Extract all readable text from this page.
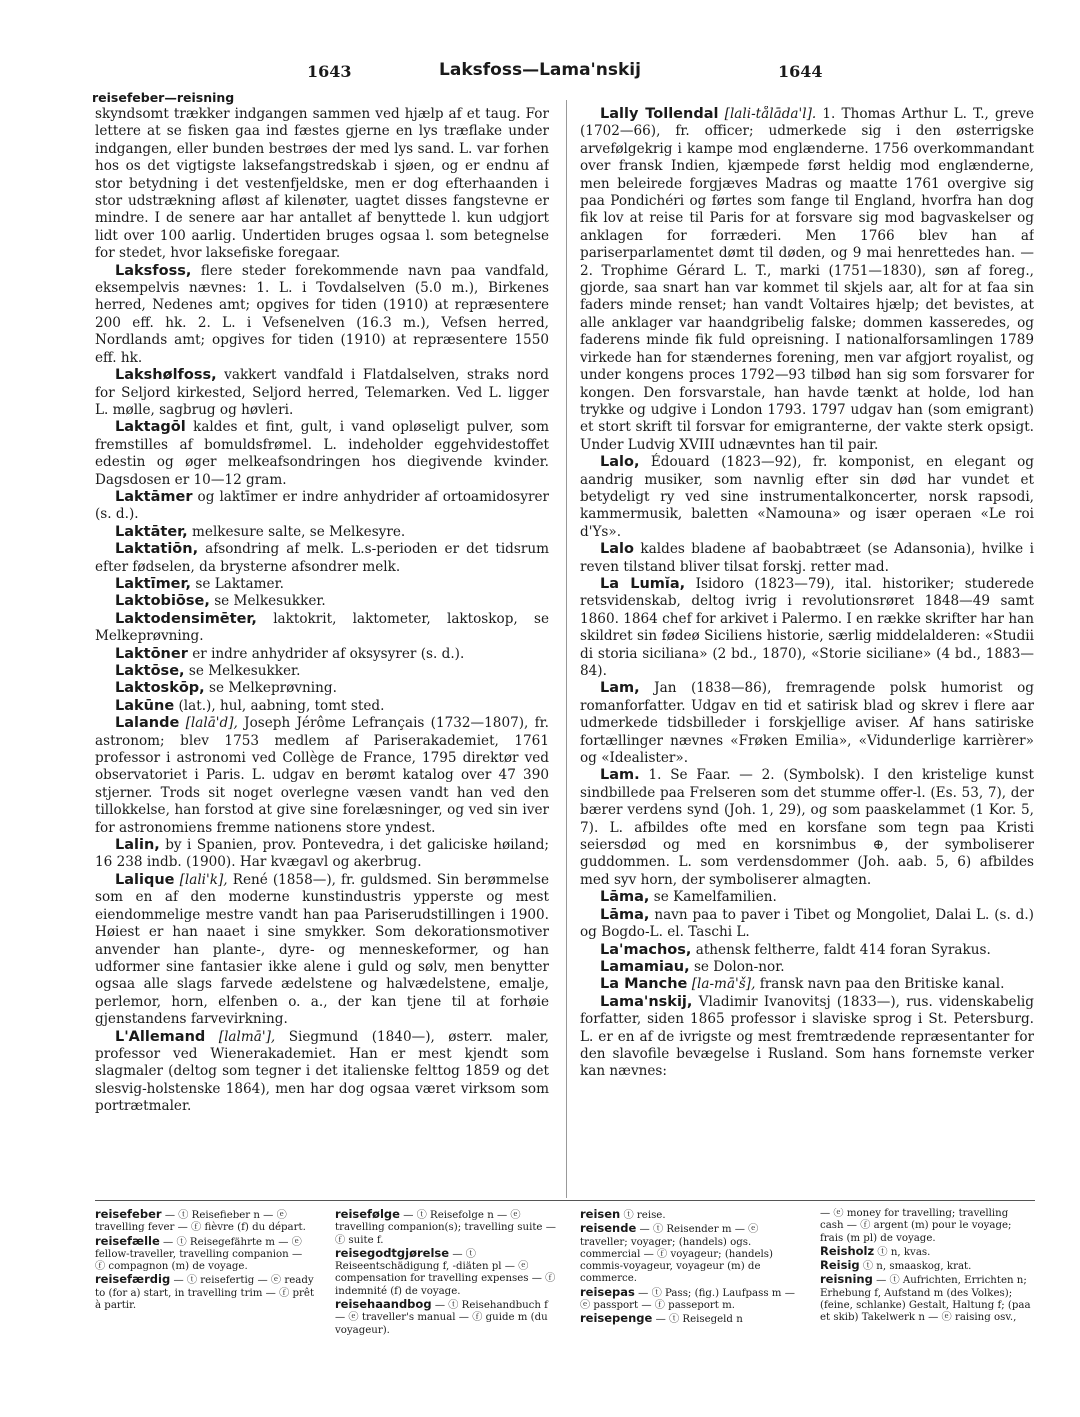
1643	Laksfoss—Lama'nskij	1644
reisefeber—reisning

skyndsomt trækker indgangen sammen ved hjælp af et taug. For lettere at se fisken gaa ind fæstes gjerne en lys træflake under indgangen, eller bunden bestrøes der med lys sand. L. var forhen hos os det vigtigste laksefangstredskab i sjøen, og er endnu af stor betydning i det vestenfjeldske, men er dog efterhaanden i stor udstrækning afløst af kilenøter, uagtet disses fangstevne er mindre. I de senere aar har antallet af benyttede l. kun udgjort lidt over 100 aarlig. Undertiden bruges ogsaa l. som betegnelse for stedet, hvor laksefiske foregaar.

Laksfoss, flere steder forekommende navn paa vandfald, eksempelvis nævnes: 1. L. i Tovdalselven (5.0 m.), Birkenes herred, Nedenes amt; opgives for tiden (1910) at repræsentere 200 eff. hk. 2. L. i Vefsenelven (16.3 m.), Vefsen herred, Nordlands amt; opgives for tiden (1910) at repræsentere 1550 eff. hk.

Lakshølfoss, vakkert vandfald i Flatdalselven, straks nord for Seljord kirkested, Seljord herred, Telemarken. Ved L. ligger L. mølle, sagbrug og høvleri.

Laktagōl kaldes et fint, gult, i vand opløseligt pulver, som fremstilles af bomuldsfrømel. L. indeholder eggehvidestoffet edestin og øger melkeafsondringen hos diegivende kvinder. Dagsdosen er 10—12 gram.

Laktāmer og laktīmer er indre anhydrider af ortoamidosyrer (s. d.).

Laktāter, melkesure salte, se Melkesyre.

Laktatiōn, afsondring af melk. L.s-perioden er det tidsrum efter fødselen, da brysterne afsondrer melk.

Laktīmer, se Laktamer.

Laktobiōse, se Melkesukker.

Laktodensimēter, laktokrit, laktometer, laktoskop, se Melkeprøvning.

Laktōner er indre anhydrider af oksysyrer (s. d.).

Laktōse, se Melkesukker.

Laktoskōp, se Melkeprøvning.

Lakūne (lat.), hul, aabning, tomt sted.

Lalande [lalā'd], Joseph Jérôme Lefrançais (1732—1807), fr. astronom; blev 1753 medlem af Pariserakademiet, 1761 professor i astronomi ved Collège de France, 1795 direktør ved observatoriet i Paris. L. udgav en berømt katalog over 47 390 stjerner. Trods sit noget overlegne væsen vandt han ved den tillokkelse, han forstod at give sine forelæsninger, og ved sin iver for astronomiens fremme nationens store yndest.

Lalin, by i Spanien, prov. Pontevedra, i det galiciske høiland; 16 238 indb. (1900). Har kvægavl og akerbrug.

Lalique [lali'k], René (1858—), fr. guldsmed. Sin berømmelse som en af den moderne kunstindustris ypperste og mest eiendommelige mestre vandt han paa Pariserudstillingen i 1900. Høiest er han naaet i sine smykker. Som dekorationsmotiver anvender han plante-, dyre- og menneskeformer, og han udformer sine fantasier ikke alene i guld og sølv, men benytter ogsaa alle slags farvede ædelstene og halvædelstene, emalje, perlemor, horn, elfenben o. a., der kan tjene til at forhøie gjenstandens farvevirkning.

L'Allemand [lalmā'], Siegmund (1840—), østerr. maler, professor ved Wienerakademiet. Han er mest kjendt som slagmaler (deltog som tegner i det italienske felttog 1859 og det slesvig-holstenske 1864), men har dog ogsaa været virksom som portrætmaler.

Lally Tollendal [lali-tålāda'l]. 1. Thomas Arthur L. T., greve (1702—66), fr. officer; udmerkede sig i den østerrigske arvefølgekrig i kampe mod englænderne. 1756 overkommandant over fransk Indien, kjæmpede først heldig mod englænderne, men beleirede forgjæves Madras og maatte 1761 overgive sig paa Pondichéri og førtes som fange til England, hvorfra han dog fik lov at reise til Paris for at forsvare sig mod bagvaskelser og anklagen for forræderi. Men 1766 blev han af pariserparlamentet dømt til døden, og 9 mai henrettedes han. — 2. Trophime Gérard L. T., marki (1751—1830), søn af foreg., gjorde, saa snart han var kommet til skjels aar, alt for at faa sin faders minde renset; han vandt Voltaires hjælp; det bevistes, at alle anklager var haandgribelig falske; dommen kasseredes, og faderens minde fik fuld opreisning. I nationalforsamlingen 1789 virkede han for stændernes forening, men var afgjort royalist, og under kongens proces 1792—93 tilbød han sig som forsvarer for kongen. Den forsvarstale, han havde tænkt at holde, lod han trykke og udgive i London 1793. 1797 udgav han (som emigrant) et stort skrift til forsvar for emigranterne, der vakte sterk opsigt. Under Ludvig XVIII udnævntes han til pair.

Lalo, Édouard (1823—92), fr. komponist, en elegant og aandrig musiker, som navnlig efter sin død har vundet et betydeligt ry ved sine instrumentalkoncerter, norsk rapsodi, kammermusik, baletten «Namouna» og især operaen «Le roi d'Ys».

Lalo kaldes bladene af baobabtræet (se Adansonia), hvilke i reven tilstand bliver tilsat forskj. retter mad.

La Lumĭa, Isidoro (1823—79), ital. historiker; studerede retsvidenskab, deltog ivrig i revolutionsrøret 1848—49 samt 1860. 1864 chef for arkivet i Palermo. I en række skrifter har han skildret sin fødeø Siciliens historie, særlig middelalderen: «Studii di storia siciliana» (2 bd., 1870), «Storie siciliane» (4 bd., 1883—84).

Lam, Jan (1838—86), fremragende polsk humorist og romanforfatter. Udgav en tid et satirisk blad og skrev i flere aar udmerkede tidsbilleder i forskjellige aviser. Af hans satiriske fortællinger nævnes «Frøken Emilia», «Vidunderlige karrièrer» og «Idealister».

Lam. 1. Se Faar. — 2. (Symbolsk). I den kristelige kunst sindbillede paa Frelseren som det stumme offer-l. (Es. 53, 7), der bærer verdens synd (Joh. 1, 29), og som paaskelammet (1 Kor. 5, 7). L. afbildes ofte med en korsfane som tegn paa Kristi seiersdød og med en korsnimbus ⊕, der symboliserer guddommen. L. som verdensdommer (Joh. aab. 5, 6) afbildes med syv horn, der symboliserer almagten.

Lāma, se Kamelfamilien.

Lāma, navn paa to paver i Tibet og Mongoliet, Dalai L. (s. d.) og Bogdo-L. el. Taschi L.

La'machos, athensk feltherre, faldt 414 foran Syrakus.

Lamamiau, se Dolon-nor.

La Manche [la-mā'š], fransk navn paa den Britiske kanal.

Lama'nskij, Vladimir Ivanovitsj (1833—), rus. videnskabelig forfatter, siden 1865 professor i slaviske sprog i St. Petersburg. L. er en af de ivrigste og mest fremtrædende repræsentanter for den slavofile bevægelse i Rusland. Som hans fornemste verker kan nævnes:

reisefeber — ⓣ Reisefieber n — ⓔ travelling fever — ⓕ fièvre (f) du départ.

reisefælle — ⓣ Reisegefährte m — ⓔ fellow-traveller, travelling companion — ⓕ compagnon (m) de voyage.

reisefærdig — ⓣ reisefertig — ⓔ ready to (for a) start, in travelling trim — ⓕ prêt à partir.

reisefølge — ⓣ Reisefolge n — ⓔ travelling companion(s); travelling suite — ⓕ suite f.

reisegodtgjørelse — ⓣ Reiseentschädigung f, -diäten pl — ⓔ compensation for travelling expenses — ⓕ indemnité (f) de voyage.

reisehaandbog — ⓣ Reisehandbuch f — ⓔ traveller's manual — ⓕ guide m (du voyageur).

reisen ⓣ reise.

reisende — ⓣ Reisender m — ⓔ traveller; voyager; (handels) ogs. commercial — ⓕ voyageur; (handels) commis-voyageur, voyageur (m) de commerce.

reisepas — ⓣ Pass; (fig.) Laufpass m — ⓔ passport — ⓕ passeport m.

reisepenge — ⓣ Reisegeld n

— ⓔ money for travelling; travelling cash — ⓕ argent (m) pour le voyage; frais (m pl) de voyage.

Reisholz ⓣ n, kvas.

Reisig ⓣ n, smaaskog, krat.

reisning — ⓣ Aufrichten, Errichten n; Erhebung f, Aufstand m (des Volkes); (feine, schlanke) Gestalt, Haltung f; (paa et skib) Takelwerk n — ⓔ raising osv.,
